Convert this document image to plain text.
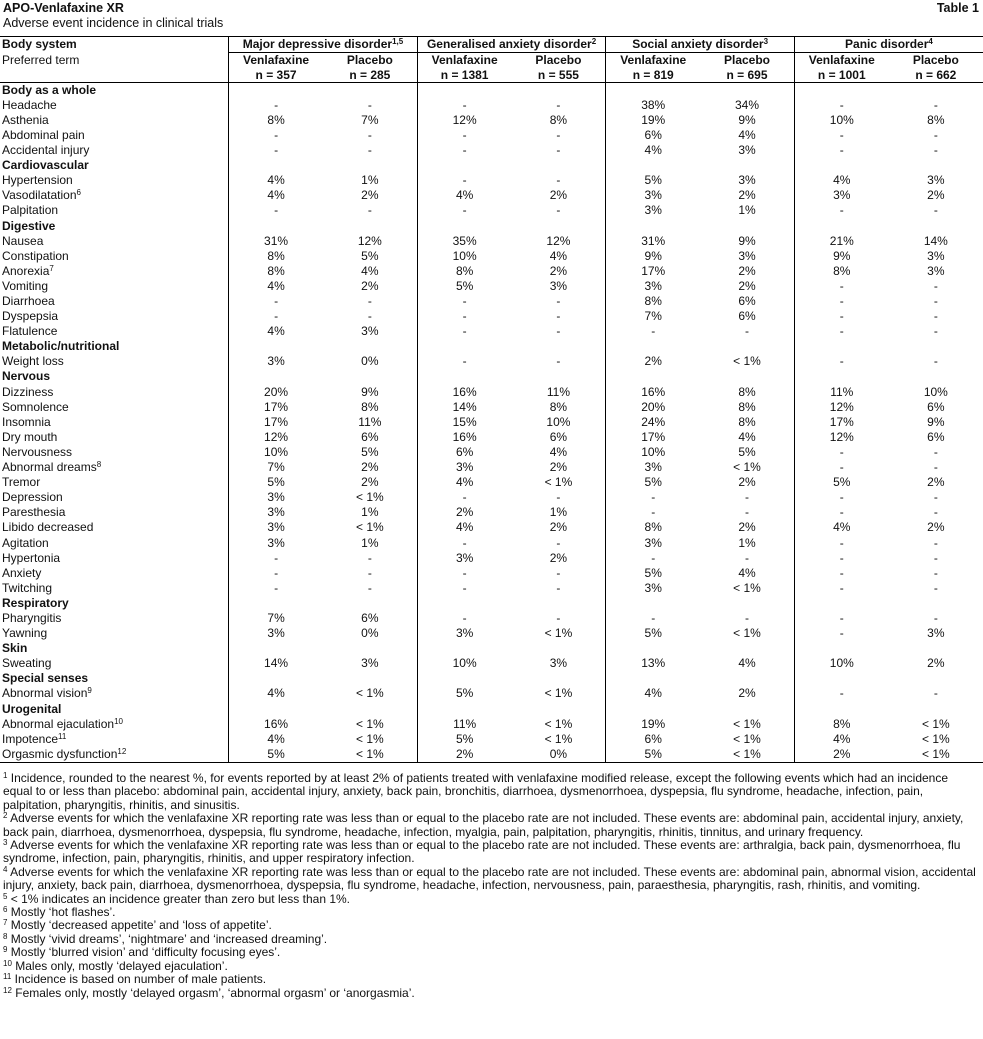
APO-Venlafaxine XR
Adverse event incidence in clinical trials
Table 1
Body system	Major depressive disorder$^{1,5}$		Generalised anxiety disorder$^2$		Social anxiety disorder$^3$		Panic disorder$^4$
Preferred term	Venlafaxine	Placebo	Venlafaxine	Placebo	Venlafaxine	Placebo	Venlafaxine	Placebo
	n = 357	n = 285	n = 1381	n = 555	n = 819	n = 695	n = 1001	n = 662
Body as a whole								
Headache	-	-	-	-	38%	34%	-	-
Asthenia	8%	7%	12%	8%	19%	9%	10%	8%
Abdominal pain	-	-	-	-	6%	4%	-	-
Accidental injury	-	-	-	-	4%	3%	-	-
Cardiovascular								
Hypertension	4%	1%	-	-	5%	3%	4%	3%
Vasodilatation$^6$	4%	2%	4%	2%	3%	2%	3%	2%
Palpitation	-	-	-	-	3%	1%	-	-
Digestive								
Nausea	31%	12%	35%	12%	31%	9%	21%	14%
Constipation	8%	5%	10%	4%	9%	3%	9%	3%
Anorexia$^7$	8%	4%	8%	2%	17%	2%	8%	3%
Vomiting	4%	2%	5%	3%	3%	2%	-	-
Diarrhoea	-	-	-	-	8%	6%	-	-
Dyspepsia	-	-	-	-	7%	6%	-	-
Flatulence	4%	3%	-	-	-	-	-	-
Metabolic/nutritional								
Weight loss	3%	0%	-	-	2%	< 1%	-	-
Nervous								
Dizziness	20%	9%	16%	11%	16%	8%	11%	10%
Somnolence	17%	8%	14%	8%	20%	8%	12%	6%
Insomnia	17%	11%	15%	10%	24%	8%	17%	9%
Dry mouth	12%	6%	16%	6%	17%	4%	12%	6%
Nervousness	10%	5%	6%	4%	10%	5%	-	-
Abnormal dreams$^8$	7%	2%	3%	2%	3%	< 1%	-	-
Tremor	5%	2%	4%	< 1%	5%	2%	5%	2%
Depression	3%	< 1%	-	-	-	-	-	-
Paresthesia	3%	1%	2%	1%	-	-	-	-
Libido decreased	3%	< 1%	4%	2%	8%	2%	4%	2%
Agitation	3%	1%	-	-	3%	1%	-	-
Hypertonia	-	-	3%	2%	-	-	-	-
Anxiety	-	-	-	-	5%	4%	-	-
Twitching	-	-	-	-	3%	< 1%	-	-
Respiratory								
Pharyngitis	7%	6%	-	-	-	-	-	-
Yawning	3%	0%	3%	< 1%	5%	< 1%	-	3%
Skin								
Sweating	14%	3%	10%	3%	13%	4%	10%	2%
Special senses								
Abnormal vision$^9$	4%	< 1%	5%	< 1%	4%	2%	-	-
Urogenital								
Abnormal ejaculation$^{10}$	16%	< 1%	11%	< 1%	19%	< 1%	8%	< 1%
Impotence$^{11}$	4%	< 1%	5%	< 1%	6%	< 1%	4%	< 1%
Orgasmic dysfunction$^{12}$	5%	< 1%	2%	0%	5%	< 1%	2%	< 1%

$^1$ Incidence, rounded to the nearest %, for events reported by at least 2% of patients treated with venlafaxine modified release, except the following events which had an incidence equal to or less than placebo: abdominal pain, accidental injury, anxiety, back pain, bronchitis, diarrhoea, dysmenorrhoea, dyspepsia, flu syndrome, headache, infection, pain, palpitation, pharyngitis, rhinitis, and sinusitis.

$^2$ Adverse events for which the venlafaxine XR reporting rate was less than or equal to the placebo rate are not included. These events are: abdominal pain, accidental injury, anxiety, back pain, diarrhoea, dysmenorrhoea, dyspepsia, flu syndrome, headache, infection, myalgia, pain, palpitation, pharyngitis, rhinitis, tinnitus, and urinary frequency.

$^3$ Adverse events for which the venlafaxine XR reporting rate was less than or equal to the placebo rate are not included. These events are: arthralgia, back pain, dysmenorrhoea, flu syndrome, infection, pain, pharyngitis, rhinitis, and upper respiratory infection.

$^4$ Adverse events for which the venlafaxine XR reporting rate was less than or equal to the placebo rate are not included. These events are: abdominal pain, abnormal vision, accidental injury, anxiety, back pain, diarrhoea, dysmenorrhoea, dyspepsia, flu syndrome, headache, infection, nervousness, pain, paraesthesia, pharyngitis, rash, rhinitis, and vomiting.

$^5$ < 1% indicates an incidence greater than zero but less than 1%.

$^6$ Mostly ‘hot flashes’.

$^7$ Mostly ‘decreased appetite’ and ‘loss of appetite’.

$^8$ Mostly ‘vivid dreams’, ‘nightmare’ and ‘increased dreaming’.

$^9$ Mostly ‘blurred vision’ and ‘difficulty focusing eyes’.

$^{10}$ Males only, mostly ‘delayed ejaculation’.

$^{11}$ Incidence is based on number of male patients.

$^{12}$ Females only, mostly ‘delayed orgasm’, ‘abnormal orgasm’ or ‘anorgasmia’.
